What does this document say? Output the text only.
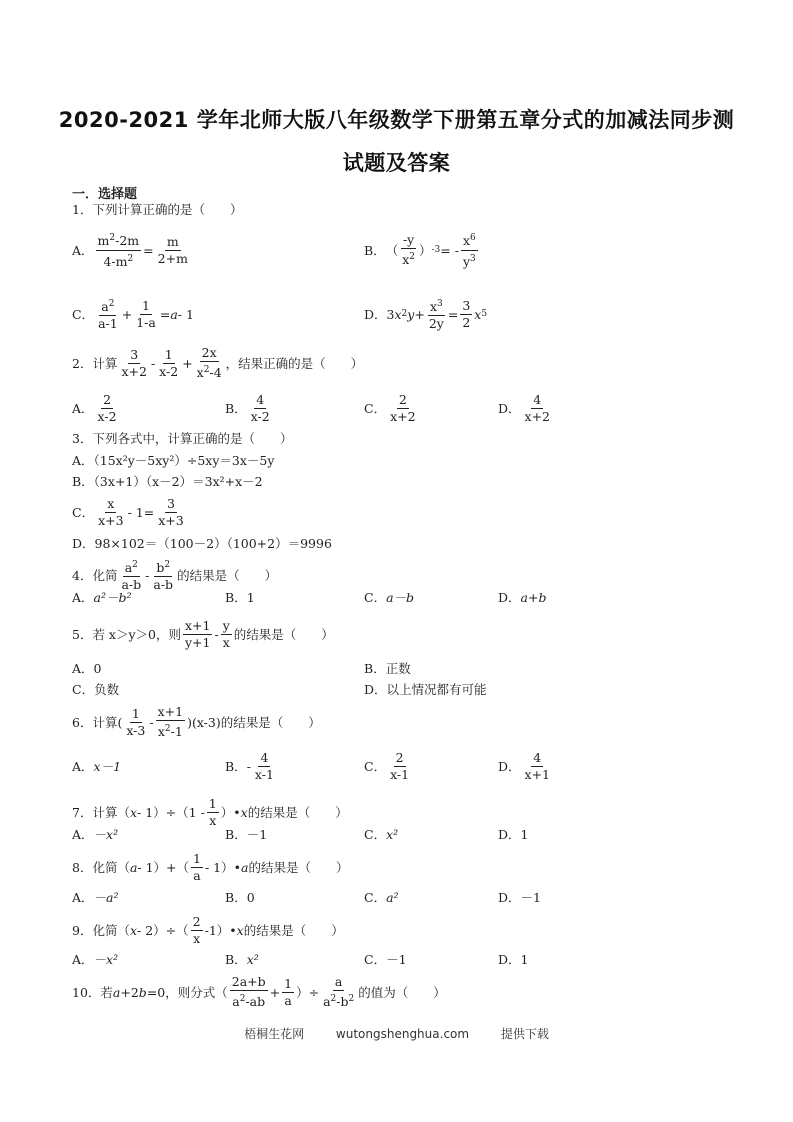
2020-2021 学年北师大版八年级数学下册第五章分式的加减法同步测
试题及答案
一．选择题
1．下列计算正确的是（　　）
A． $\frac{m^2-2m}{4-m^2} = \frac{m}{2+m}$	B． （ $\frac{-y}{x^2}$ ） -3 = - $\frac{x^6}{y^3}$
C． $\frac{a^2}{a-1} + \frac{1}{1-a} = a - 1$	D． 3 x 2 $y + \frac{x^3}{2y} = \frac{3}{2}$ x 5
2．计算 $\frac{3}{x+2} - \frac{1}{x-2} + \frac{2x}{x^2-4}$ ，结果正确的是（　　）
A． $\frac{2}{x-2}$	B． $\frac{4}{x-2}$	C． $\frac{2}{x+2}$	D． $\frac{4}{x+2}$
3．下列各式中，计算正确的是（　　）
A．（15x²y－5xy²）÷5xy＝3x－5y
B．（3x+1）（x－2）＝3x²+x－2
C． $\frac{x}{x+3} - 1= \frac{3}{x+3}$
D．98×102＝（100－2）（100+2）＝9996
4．化简 $\frac{a^2}{a-b} - \frac{b^2}{a-b}$ 的结果是（　　）
A． a²－b²	B． 1	C． a－b	D． a+b
5．若 x＞y＞0，则 $\frac{x+1}{y+1} - \frac{y}{x}$ 的结果是（　　）
A． 0	B． 正数
C． 负数	D． 以上情况都有可能
6．计算 ( $\frac{1}{x-3} - \frac{x+1}{x^2-1} )(x-3)$ 的结果是（　　）
A． x－1	B． - $\frac{4}{x-1}$	C． $\frac{2}{x-1}$	D． $\frac{4}{x+1}$
7．计算（ $x - 1)\div(1 - \frac{1}{x}$ ）• x 的结果是（　　）
A． －x²	B． －1	C． x²	D． 1
8．化简（ $a - 1)+( \frac{1}{a}$ - 1）• a 的结果是（　　）
A． －a²	B． 0	C． a²	D． －1
9．化简（ $x - 2)\div( \frac{2}{x}$ -1）• x 的结果是（　　）
A． －x²	B． x²	C． －1	D． 1
10．若 a +2 b =0，则分式（ $\frac{2a+b}{a^2-ab} + \frac{1}{a}$ ）÷ $\frac{a}{a^2-b^2}$ 的值为（　　）
梧桐生花网	wutongshenghua.com	提供下载
